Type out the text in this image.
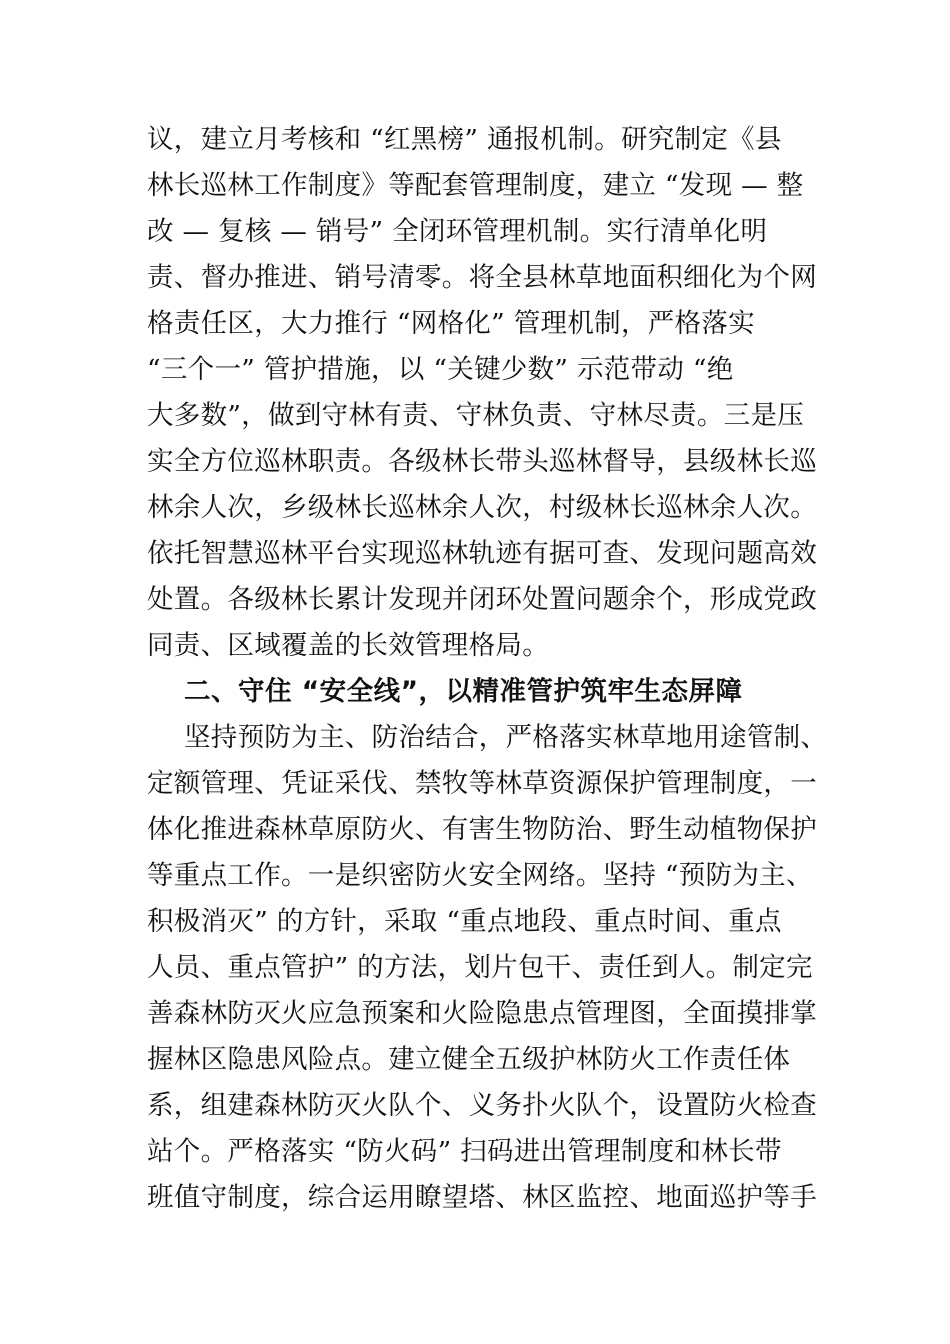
议，建立月考核和 “红黑榜” 通报机制。研究制定《县
林长巡林工作制度》等配套管理制度，建立 “发现 — 整
改 — 复核 — 销号” 全闭环管理机制。实行清单化明
责、督办推进、销号清零。将全县林草地面积细化为个网
格责任区，大力推行 “网格化” 管理机制，严格落实
“三个一” 管护措施，以 “关键少数” 示范带动 “绝
大多数”，做到守林有责、守林负责、守林尽责。三是压
实全方位巡林职责。各级林长带头巡林督导，县级林长巡
林余人次，乡级林长巡林余人次，村级林长巡林余人次。
依托智慧巡林平台实现巡林轨迹有据可查、发现问题高效
处置。各级林长累计发现并闭环处置问题余个，形成党政
同责、区域覆盖的长效管理格局。
二、守住 “安全线”，以精准管护筑牢生态屏障
坚持预防为主、防治结合，严格落实林草地用途管制、
定额管理、凭证采伐、禁牧等林草资源保护管理制度，一
体化推进森林草原防火、有害生物防治、野生动植物保护
等重点工作。一是织密防火安全网络。坚持 “预防为主、
积极消灭” 的方针，采取 “重点地段、重点时间、重点
人员、重点管护” 的方法，划片包干、责任到人。制定完
善森林防灭火应急预案和火险隐患点管理图，全面摸排掌
握林区隐患风险点。建立健全五级护林防火工作责任体
系，组建森林防灭火队个、义务扑火队个，设置防火检查
站个。严格落实 “防火码” 扫码进出管理制度和林长带
班值守制度，综合运用瞭望塔、林区监控、地面巡护等手
